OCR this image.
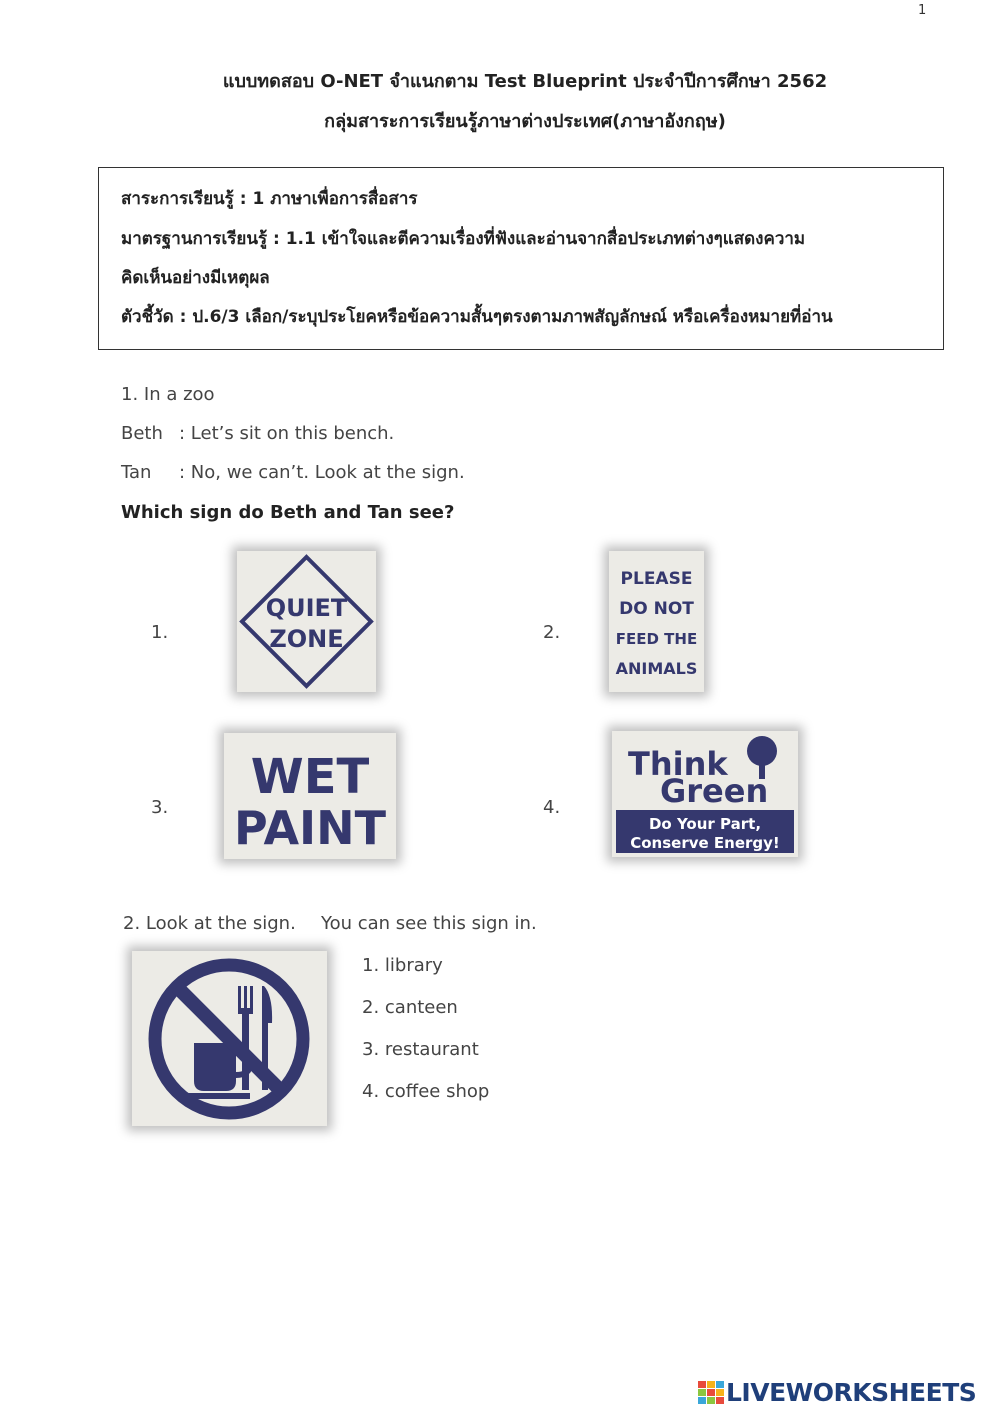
1
แบบทดสอบ O-NET จำแนกตาม Test Blueprint ประจำปีการศึกษา 2562
กลุ่มสาระการเรียนรู้ภาษาต่างประเทศ(ภาษาอังกฤษ)
สาระการเรียนรู้ : 1 ภาษาเพื่อการสื่อสาร
มาตรฐานการเรียนรู้ : 1.1 เข้าใจและตีความเรื่องที่ฟังและอ่านจากสื่อประเภทต่างๆแสดงความ
คิดเห็นอย่างมีเหตุผล
ตัวชี้วัด : ป.6/3 เลือก/ระบุประโยคหรือข้อความสั้นๆตรงตามภาพสัญลักษณ์ หรือเครื่องหมายที่อ่าน
1. In a zoo
Beth : Let’s sit on this bench.
Tan : No, we can’t. Look at the sign.
Which sign do Beth and Tan see?
1.
QUIET
ZONE	2.
PLEASE
DO NOT
FEED THE
ANIMALS
3.
WET
PAINT	4.
Think
Green
Do Your Part,
Conserve Energy!
2. Look at the sign. You can see this sign in.
1. library
2. canteen
3. restaurant
4. coffee shop
LIVEWORKSHEETS
